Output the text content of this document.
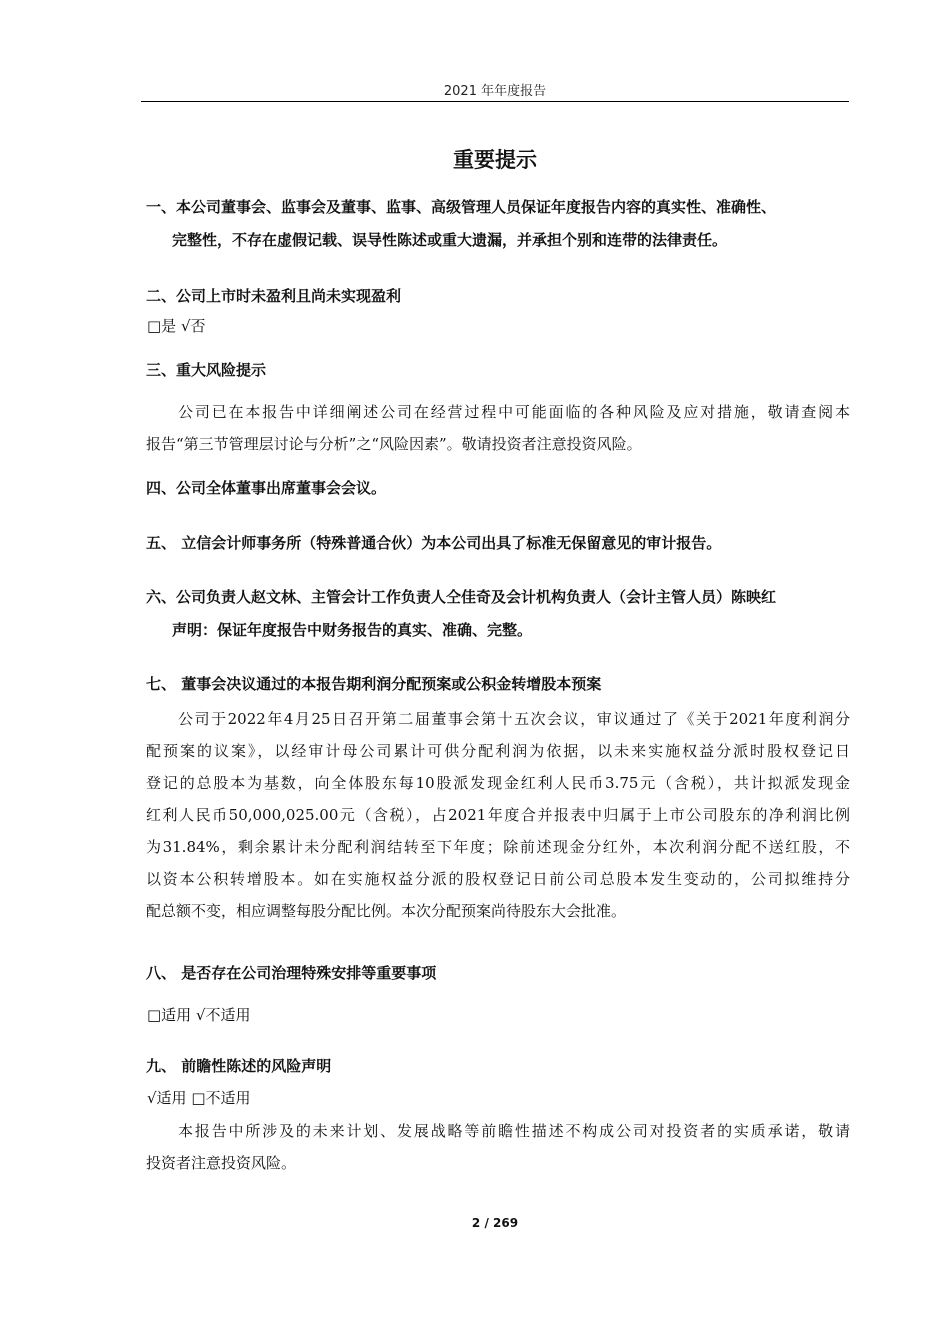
2021 年年度报告
重要提示
一、本公司董事会、监事会及董事、监事、高级管理人员保证年度报告内容的真实性、准确性、
完整性，不存在虚假记载、误导性陈述或重大遗漏，并承担个别和连带的法律责任。
二、公司上市时未盈利且尚未实现盈利
□是 √否
三、重大风险提示
公司已在本报告中详细阐述公司在经营过程中可能面临的各种风险及应对措施，敬请查阅本
报告“第三节管理层讨论与分析”之“风险因素”。敬请投资者注意投资风险。
四、公司全体董事出席董事会会议。
五、 立信会计师事务所（特殊普通合伙）为本公司出具了标准无保留意见的审计报告。
六、公司负责人赵文林、主管会计工作负责人仝佳奇及会计机构负责人（会计主管人员）陈映红
声明：保证年度报告中财务报告的真实、准确、完整。
七、 董事会决议通过的本报告期利润分配预案或公积金转增股本预案
公司于2022年4月25日召开第二届董事会第十五次会议，审议通过了《关于2021年度利润分
配预案的议案》，以经审计母公司累计可供分配利润为依据，以未来实施权益分派时股权登记日
登记的总股本为基数，向全体股东每10股派发现金红利人民币3.75元（含税），共计拟派发现金
红利人民币50,000,025.00元（含税），占2021年度合并报表中归属于上市公司股东的净利润比例
为31.84%，剩余累计未分配利润结转至下年度；除前述现金分红外，本次利润分配不送红股，不
以资本公积转增股本。如在实施权益分派的股权登记日前公司总股本发生变动的，公司拟维持分
配总额不变，相应调整每股分配比例。本次分配预案尚待股东大会批准。
八、 是否存在公司治理特殊安排等重要事项
□适用 √不适用
九、 前瞻性陈述的风险声明
√适用 □不适用
本报告中所涉及的未来计划、发展战略等前瞻性描述不构成公司对投资者的实质承诺，敬请
投资者注意投资风险。
2 / 269
